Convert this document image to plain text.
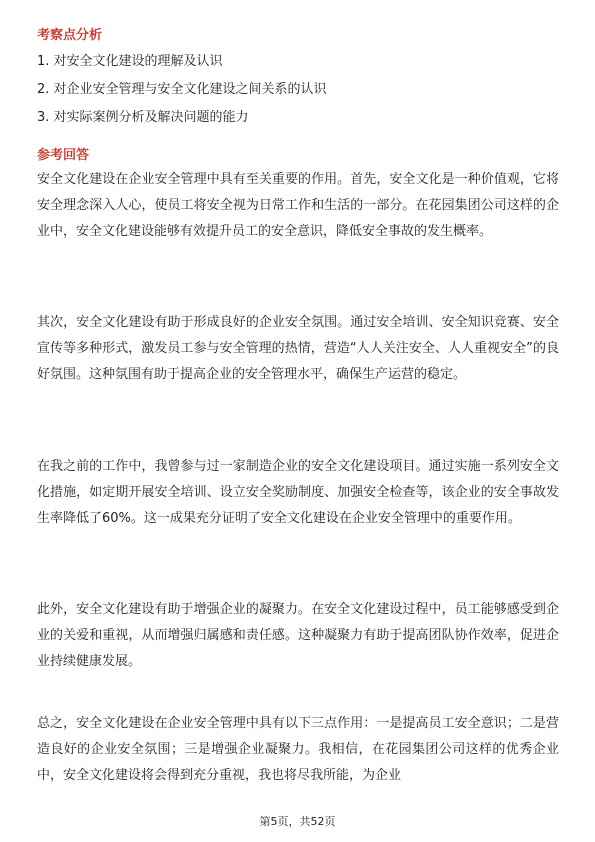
考察点分析
1. 对安全文化建设的理解及认识
2. 对企业安全管理与安全文化建设之间关系的认识
3. 对实际案例分析及解决问题的能力
参考回答

安全文化建设在企业安全管理中具有至关重要的作用。首先，安全文化是一种价值观，它将安全理念深入人心，使员工将安全视为日常工作和生活的一部分。在花园集团公司这样的企业中，安全文化建设能够有效提升员工的安全意识，降低安全事故的发生概率。

其次，安全文化建设有助于形成良好的企业安全氛围。通过安全培训、安全知识竞赛、安全宣传等多种形式，激发员工参与安全管理的热情，营造“人人关注安全、人人重视安全”的良好氛围。这种氛围有助于提高企业的安全管理水平，确保生产运营的稳定。

在我之前的工作中，我曾参与过一家制造企业的安全文化建设项目。通过实施一系列安全文化措施，如定期开展安全培训、设立安全奖励制度、加强安全检查等，该企业的安全事故发生率降低了60%。这一成果充分证明了安全文化建设在企业安全管理中的重要作用。

此外，安全文化建设有助于增强企业的凝聚力。在安全文化建设过程中，员工能够感受到企业的关爱和重视，从而增强归属感和责任感。这种凝聚力有助于提高团队协作效率，促进企业持续健康发展。

总之，安全文化建设在企业安全管理中具有以下三点作用：一是提高员工安全意识；二是营造良好的企业安全氛围；三是增强企业凝聚力。我相信，在花园集团公司这样的优秀企业中，安全文化建设将会得到充分重视，我也将尽我所能，为企业

第5页，共52页
